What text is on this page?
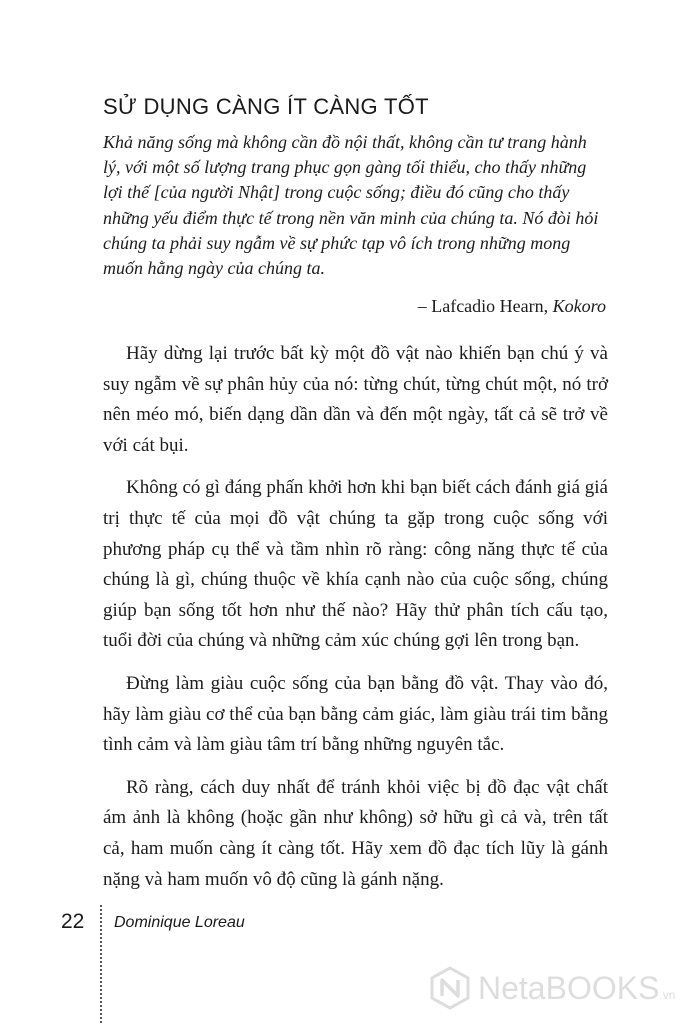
SỬ DỤNG CÀNG ÍT CÀNG TỐT

Khả năng sống mà không cần đồ nội thất, không cần tư trang hành lý, với một số lượng trang phục gọn gàng tối thiểu, cho thấy những lợi thế [của người Nhật] trong cuộc sống; điều đó cũng cho thấy những yếu điểm thực tế trong nền văn minh của chúng ta. Nó đòi hỏi chúng ta phải suy ngẫm về sự phức tạp vô ích trong những mong muốn hằng ngày của chúng ta.

– Lafcadio Hearn, Kokoro

Hãy dừng lại trước bất kỳ một đồ vật nào khiến bạn chú ý và suy ngẫm về sự phân hủy của nó: từng chút, từng chút một, nó trở nên méo mó, biến dạng dần dần và đến một ngày, tất cả sẽ trở về với cát bụi.

Không có gì đáng phấn khởi hơn khi bạn biết cách đánh giá giá trị thực tế của mọi đồ vật chúng ta gặp trong cuộc sống với phương pháp cụ thể và tầm nhìn rõ ràng: công năng thực tế của chúng là gì, chúng thuộc về khía cạnh nào của cuộc sống, chúng giúp bạn sống tốt hơn như thế nào? Hãy thử phân tích cấu tạo, tuổi đời của chúng và những cảm xúc chúng gợi lên trong bạn.

Đừng làm giàu cuộc sống của bạn bằng đồ vật. Thay vào đó, hãy làm giàu cơ thể của bạn bằng cảm giác, làm giàu trái tim bằng tình cảm và làm giàu tâm trí bằng những nguyên tắc.

Rõ ràng, cách duy nhất để tránh khỏi việc bị đồ đạc vật chất ám ảnh là không (hoặc gần như không) sở hữu gì cả và, trên tất cả, ham muốn càng ít càng tốt. Hãy xem đồ đạc tích lũy là gánh nặng và ham muốn vô độ cũng là gánh nặng.

22 Dominique Loreau
NetaBOOKS.vn
